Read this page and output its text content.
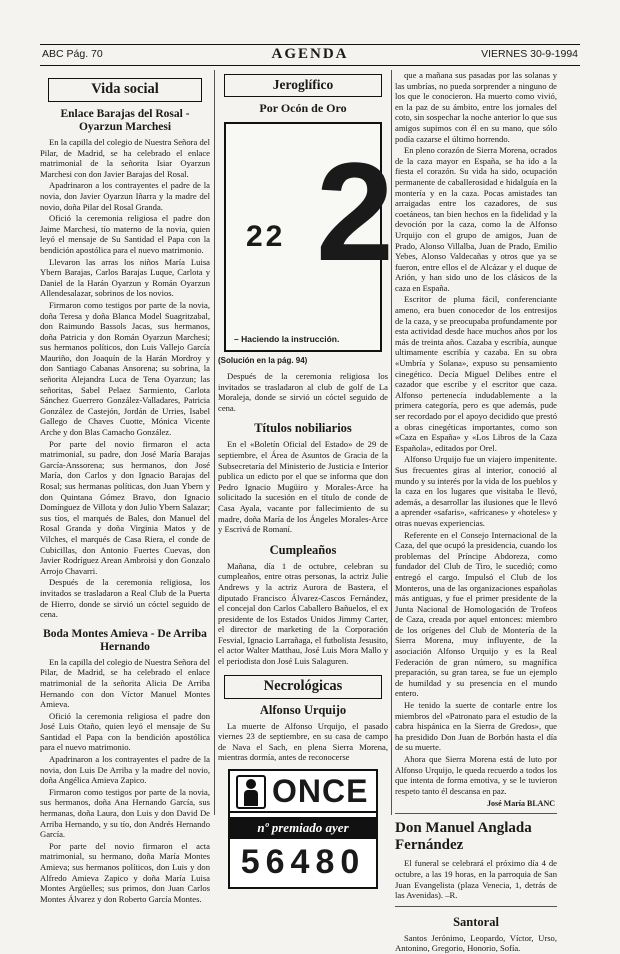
ABC Pág. 70	AGENDA	VIERNES 30-9-1994
Vida social
Enlace Barajas del Rosal - Oyarzun Marchesi

En la capilla del colegio de Nuestra Señora del Pilar, de Madrid, se ha celebrado el enlace matrimonial de la señorita Isiar Oyarzun Marchesi con don Javier Barajas del Rosal.

Apadrinaron a los contrayentes el padre de la novia, don Javier Oyarzun Iñarra y la madre del novio, doña Pilar del Rosal Granda.

Ofició la ceremonia religiosa el padre don Jaime Marchesi, tío materno de la novia, quien leyó el mensaje de Su Santidad el Papa con la bendición apostólica para el nuevo matrimonio.

Llevaron las arras los niños María Luisa Ybern Barajas, Carlos Barajas Luque, Carlota y Daniel de la Harán Oyarzun y Román Oyarzun Allendesalazar, sobrinos de los novios.

Firmaron como testigos por parte de la novia, doña Teresa y doña Blanca Model Suagritzabal, don Raimundo Bassols Jacas, sus hermanos, doña Patricia y don Román Oyarzun Marchesi; sus hermanos políticos, don Luis Vallejo García Mauriño, don Joaquín de la Harán Mordroy y don Santiago Cabanas Ansorena; su sobrina, la señorita Alejandra Luca de Tena Oyarzun; las señoritas, Sabel Pelaez Sarmiento, Carlota Sánchez Guerrero González-Valladares, Patricia González de Castejón, Jordán de Urries, Isabel Gallego de Chaves Cuotte, Mónica Vicente Arche y don Blas Camacho González.

Por parte del novio firmaron el acta matrimonial, su padre, don José María Barajas García-Anssorena; sus hermanos, don José María, don Carlos y don Ignacio Barajas del Rosal; sus hermanas políticas, don Juan Ybern y don Quintana Gómez Bravo, don Ignacio Domínguez de Villota y don Julio Ybern Salazar; sus tíos, el marqués de Bales, don Manuel del Rosal Granda y doña Virginia Matos y de Vilches, el marqués de Casa Riera, el conde de Cubicillas, don Antonio Fuertes Cuevas, don Javier Rodríguez Arean Ambroisi y don Gonzalo Arrojo Chavarri.

Después de la ceremonia religiosa, los invitados se trasladaron a Real Club de la Puerta de Hierro, donde se sirvió un cóctel seguido de cena.

Boda Montes Amieva - De Arriba Hernando

En la capilla del colegio de Nuestra Señora del Pilar, de Madrid, se ha celebrado el enlace matrimonial de la señorita Alicia De Arriba Hernando con don Víctor Manuel Montes Amieva.

Ofició la ceremonia religiosa el padre don José Luis Otaño, quien leyó el mensaje de Su Santidad el Papa con la bendición apostólica para el nuevo matrimonio.

Apadrinaron a los contrayentes el padre de la novia, don Luis De Arriba y la madre del novio, doña Angélica Amieva Zapico.

Firmaron como testigos por parte de la novia, sus hermanos, doña Ana Hernando García, sus hermanas, doña Laura, don Luis y don David De Arriba Hernando, y su tío, don Andrés Hernando García.

Por parte del novio firmaron el acta matrimonial, su hermano, doña María Montes Amieva; sus hermanos políticos, don Luis y don Alfredo Amieva Zapico y doña María Luisa Montes Argüelles; sus primos, don Juan Carlos Montes Álvarez y don Roberto García Montes.

Jeroglífico
Por Ocón de Oro
2
22
– Haciendo la instrucción.
(Solución en la pág. 94)

Después de la ceremonia religiosa los invitados se trasladaron al club de golf de La Moraleja, donde se sirvió un cóctel seguido de cena.

Títulos nobiliarios

En el «Boletín Oficial del Estado» de 29 de septiembre, el Área de Asuntos de Gracia de la Subsecretaría del Ministerio de Justicia e Interior publica un edicto por el que se informa que don Pedro Ignacio Mugüiro y Morales-Arce ha solicitado la sucesión en el título de conde de Casa Ayala, vacante por fallecimiento de su madre, doña María de los Ángeles Morales-Arce y Escrivá de Romaní.

Cumpleaños

Mañana, día 1 de octubre, celebran su cumpleaños, entre otras personas, la actriz Julie Andrews y la actriz Aurora de Bastera, el diputado Francisco Álvarez-Cascos Fernández, el concejal don Carlos Caballero Bañuelos, el ex presidente de los Estados Unidos Jimmy Carter, el director de marketing de la Corporación Fesvial, Ignacio Larrañaga, el futbolista Jesusito, el actor Walter Matthau, José Luis Mora Mallo y el periodista don José Luis Salaguren.

Necrológicas
Alfonso Urquijo

La muerte de Alfonso Urquijo, el pasado viernes 23 de septiembre, en su casa de campo de Nava el Sach, en plena Sierra Morena, mientras dormía, antes de reconocerse

ONCE
nº premiado ayer
56480

que a mañana sus pasadas por las solanas y las umbrías, no pueda sorprender a ninguno de los que le conocieron. Ha muerto como vivió, en la paz de su ámbito, entre los jornales del coto, sin sospechar la noche anterior lo que sus amigos supimos con él en su mano, que sólo podía cazarse el último horrendo.

En pleno corazón de Sierra Morena, ocrados de la caza mayor en España, se ha ido a la fiesta el corazón. Su vida ha sido, ocupación permanente de caballerosidad e hidalguía en la montería y en la caza. Pocas amistades tan arraigadas entre los cazadores, de sus coetáneos, tan bien hechos en la fidelidad y la devoción por la caza, como la de Alfonso Urquijo con el grupo de amigos, Juan de Prado, Alonso Villalba, Juan de Prado, Emilio Yebes, Alonso Valdecañas y otros que ya se fueron, entre ellos el de Alcázar y el duque de Arión, y han sido uno de los clásicos de la caza en España.

Escritor de pluma fácil, conferenciante ameno, era buen conocedor de los entresijos de la caza, y se preocupaba profundamente por esta actividad desde hace muchos años por los más de treinta años. Cazaba y escribía, aunque ultimamente escribía y cazaba. En su obra «Umbría y Solana», expuso su pensamiento cinegético. Decía Miguel Delibes entre el cazador que escribe y el escritor que caza. Alfonso pertenecía indudablemente a la primera categoría, pero es que además, pude ser recordado por el apoyo decidido que prestó a obras cinegéticas importantes, como son «Caza en España» y «Los Libros de la Caza Española», editados por Orel.

Alfonso Urquijo fue un viajero impenitente. Sus frecuentes giras al interior, conoció al mundo y su interés por la vida de los pueblos y la caza en los lugares que visitaba le llevó, además, a desarrollar las ilusiones que le llevó a aprender «safaris», «africanes» y «hoteles» y otras nuevas experiencias.

Referente en el Consejo Internacional de la Caza, del que ocupó la presidencia, cuando los problemas del Príncipe Abdoreza, como fundador del Club de Tiro, le sucedió; como entregó el cargo. Impulsó el Club de los Monteros, una de las organizaciones españolas más antiguas, y fue el primer presidente de la Junta Nacional de Homologación de Trofeos de Caza, creada por aquel entonces: miembro de los orígenes del Club de Montería de la Sierra Morena, muy influyente, de la asociación Alfonso Urquijo y es la Real Federación de gran número, su magnífica preparación, su gran tarea, se fue un ejemplo de humildad y su presencia en el mundo entero.

He tenido la suerte de contarle entre los miembros del «Patronato para el estudio de la cabra hispánica en la Sierra de Gredos», que ha presidido Don Juan de Borbón hasta el día de su muerte.

Ahora que Sierra Morena está de luto por Alfonso Urquijo, le queda recuerdo a todos los que intenta de forma emotiva, y se le tuvieron respeto tanto él descansa en paz.

José María BLANC
Don Manuel Anglada Fernández

El funeral se celebrará el próximo día 4 de octubre, a las 19 horas, en la parroquia de San Juan Evangelista (plaza Venecia, 1, detrás de las Avenidas). –R.

Santoral

Santos Jerónimo, Leopardo, Víctor, Urso, Antonino, Gregorio, Honorio, Sofía.
